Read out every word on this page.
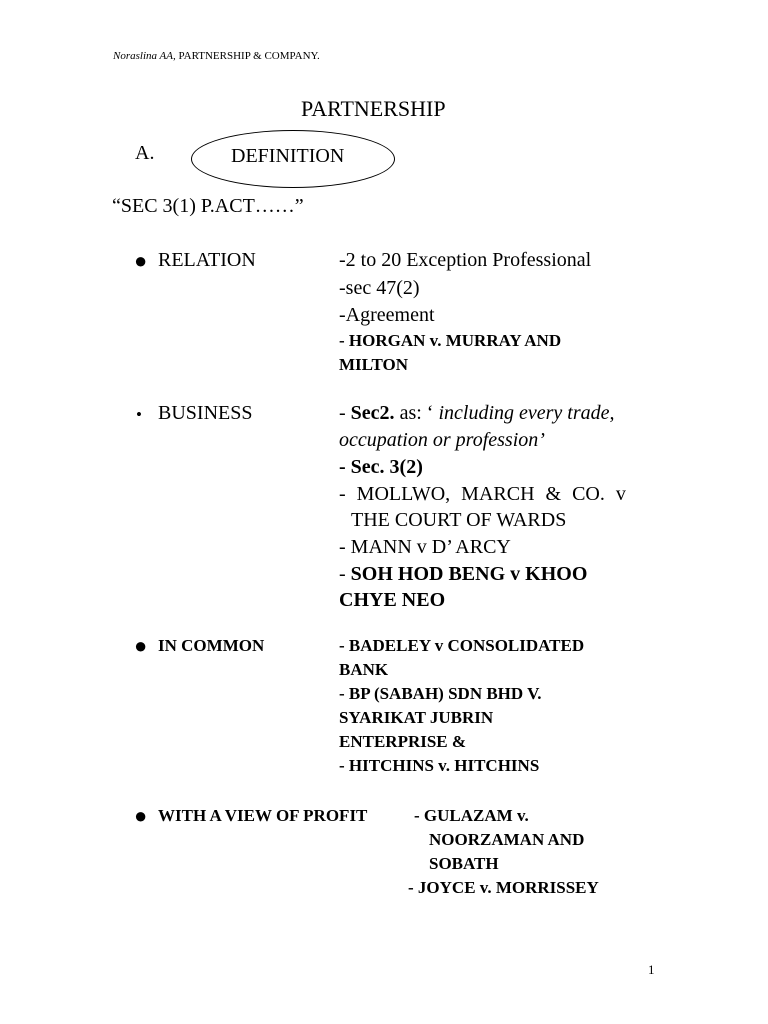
Noraslina AA, PARTNERSHIP & COMPANY.
PARTNERSHIP
A.	DEFINITION
“SEC 3(1) P.ACT……”
● RELATION	-2 to 20 Exception Professional
-sec 47(2)
-Agreement
- HORGAN v. MURRAY AND
MILTON
• BUSINESS	- Sec2. as: ‘ including every trade,
occupation or profession’
- Sec. 3(2)
- MOLLWO, MARCH & CO. v
THE COURT OF WARDS
- MANN v D’ ARCY
- SOH HOD BENG v KHOO
CHYE NEO
● IN COMMON	- BADELEY v CONSOLIDATED
BANK
- BP (SABAH) SDN BHD V.
SYARIKAT JUBRIN
ENTERPRISE &
- HITCHINS v. HITCHINS
● WITH A VIEW OF PROFIT	- GULAZAM v.
NOORZAMAN AND
SOBATH
- JOYCE v. MORRISSEY
1
